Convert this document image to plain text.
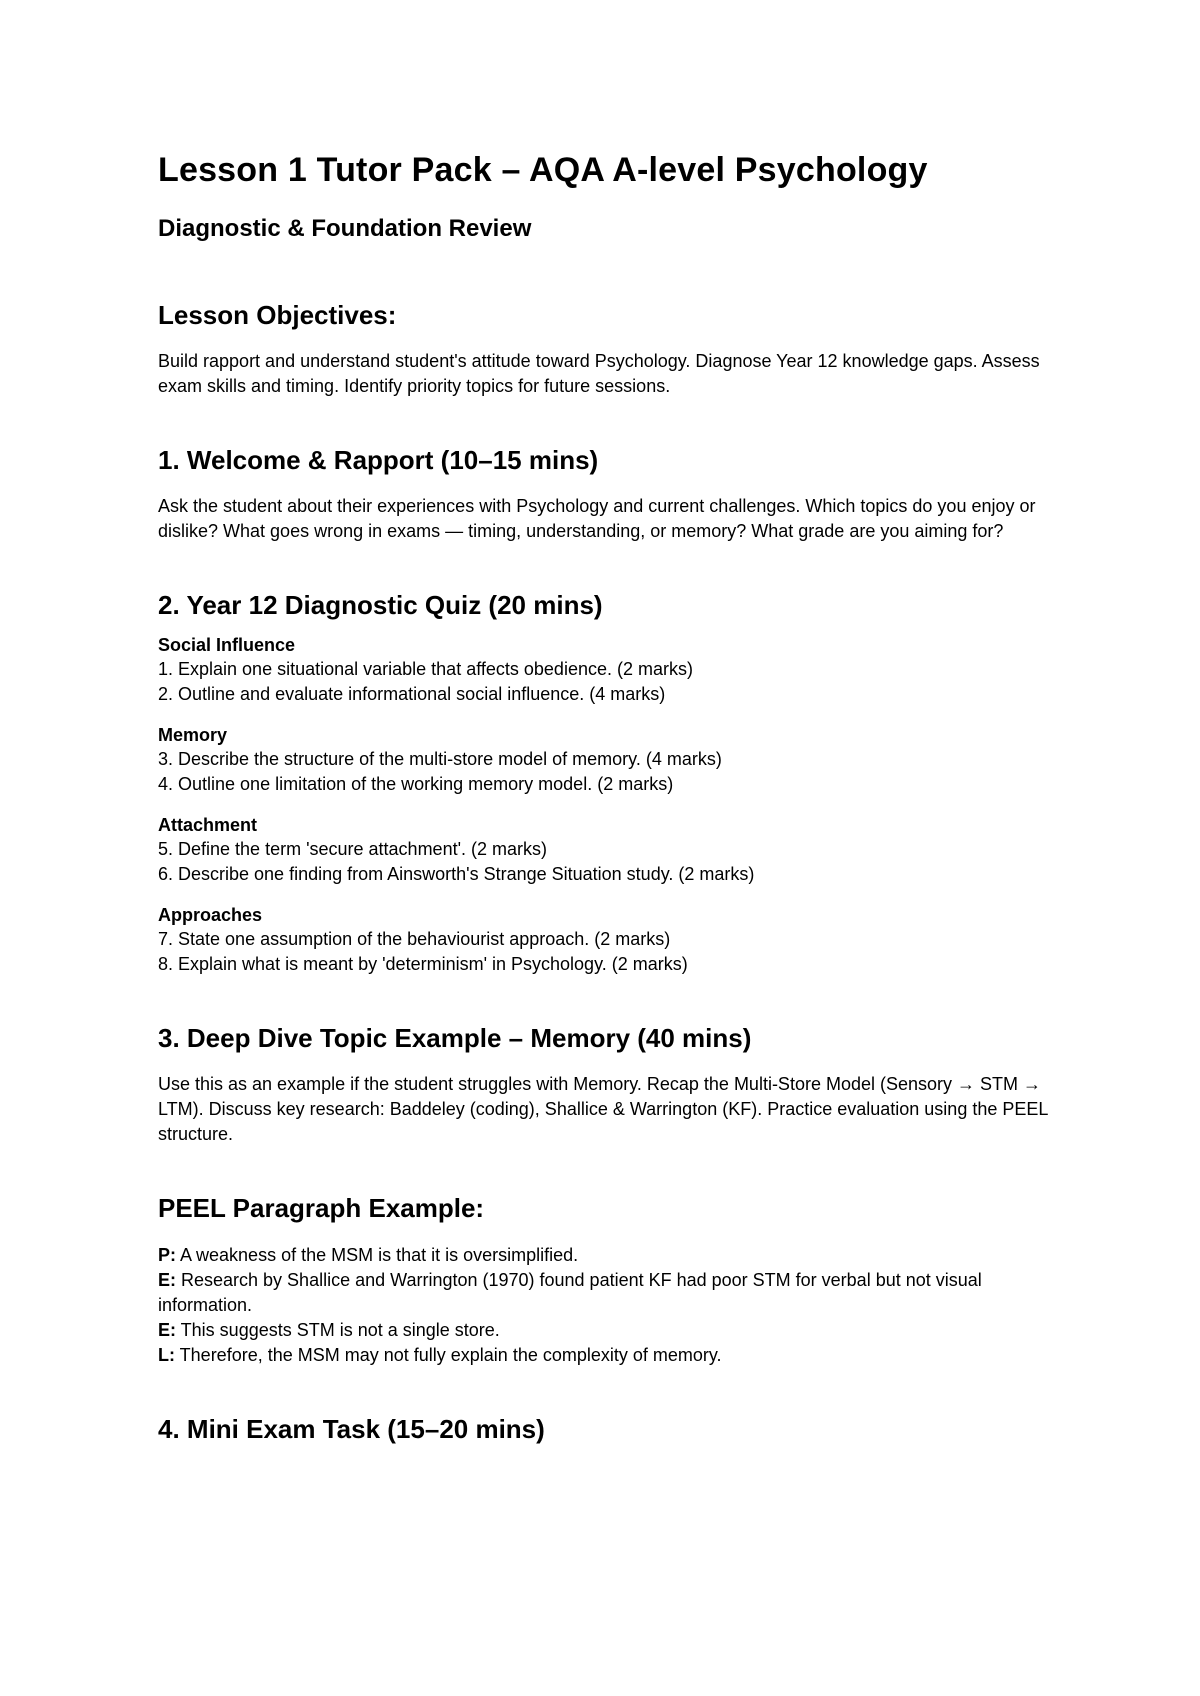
Lesson 1 Tutor Pack – AQA A-level Psychology
Diagnostic & Foundation Review
Lesson Objectives:

Build rapport and understand student's attitude toward Psychology. Diagnose Year 12 knowledge gaps. Assess exam skills and timing. Identify priority topics for future sessions.

1. Welcome & Rapport (10–15 mins)

Ask the student about their experiences with Psychology and current challenges. Which topics do you enjoy or dislike? What goes wrong in exams — timing, understanding, or memory? What grade are you aiming for?

2. Year 12 Diagnostic Quiz (20 mins)
Social Influence
1. Explain one situational variable that affects obedience. (2 marks)
2. Outline and evaluate informational social influence. (4 marks)
Memory
3. Describe the structure of the multi-store model of memory. (4 marks)
4. Outline one limitation of the working memory model. (2 marks)
Attachment
5. Define the term 'secure attachment'. (2 marks)
6. Describe one finding from Ainsworth's Strange Situation study. (2 marks)
Approaches
7. State one assumption of the behaviourist approach. (2 marks)
8. Explain what is meant by 'determinism' in Psychology. (2 marks)
3. Deep Dive Topic Example – Memory (40 mins)

Use this as an example if the student struggles with Memory. Recap the Multi-Store Model (Sensory → STM → LTM). Discuss key research: Baddeley (coding), Shallice & Warrington (KF). Practice evaluation using the PEEL structure.

PEEL Paragraph Example:
P: A weakness of the MSM is that it is oversimplified.
E: Research by Shallice and Warrington (1970) found patient KF had poor STM for verbal but not visual information.
E: This suggests STM is not a single store.
L: Therefore, the MSM may not fully explain the complexity of memory.
4. Mini Exam Task (15–20 mins)
